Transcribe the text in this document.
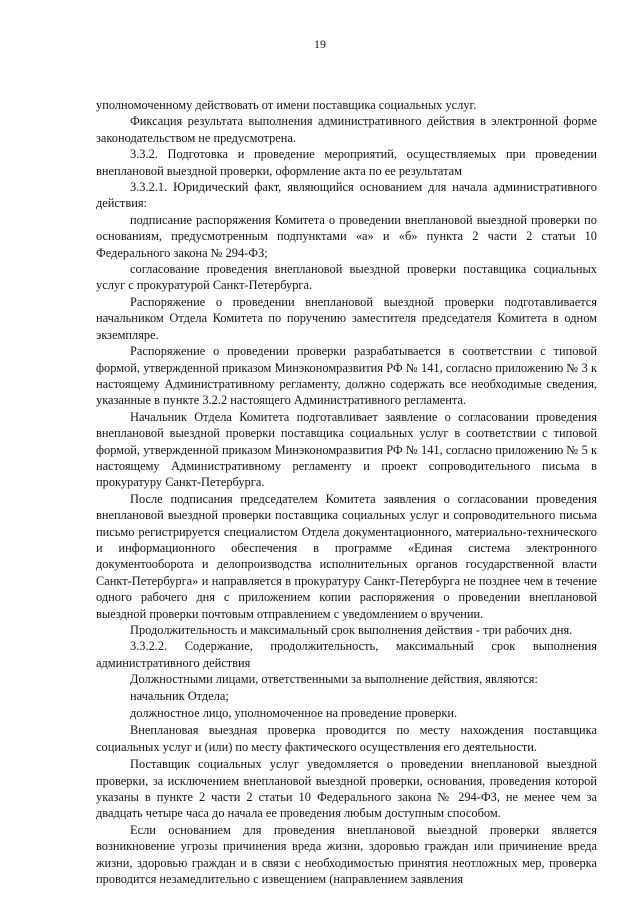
19

уполномоченному действовать от имени поставщика социальных услуг.

Фиксация результата выполнения административного действия в электронной форме законодательством не предусмотрена.

3.3.2. Подготовка и проведение мероприятий, осуществляемых при проведении внеплановой выездной проверки, оформление акта по ее результатам

3.3.2.1. Юридический факт, являющийся основанием для начала административного действия:

подписание распоряжения Комитета о проведении внеплановой выездной проверки по основаниям, предусмотренным подпунктами «а» и «б» пункта 2 части 2 статьи 10 Федерального закона № 294-ФЗ;

согласование проведения внеплановой выездной проверки поставщика социальных услуг с прокуратурой Санкт-Петербурга.

Распоряжение о проведении внеплановой выездной проверки подготавливается начальником Отдела Комитета по поручению заместителя председателя Комитета в одном экземпляре.

Распоряжение о проведении проверки разрабатывается в соответствии с типовой формой, утвержденной приказом Минэкономразвития РФ № 141, согласно приложению № 3 к настоящему Административному регламенту, должно содержать все необходимые сведения, указанные в пункте 3.2.2 настоящего Административного регламента.

Начальник Отдела Комитета подготавливает заявление о согласовании проведения внеплановой выездной проверки поставщика социальных услуг в соответствии с типовой формой, утвержденной приказом Минэкономразвития РФ № 141, согласно приложению № 5 к настоящему Административному регламенту и проект сопроводительного письма в прокуратуру Санкт-Петербурга.

После подписания председателем Комитета заявления о согласовании проведения внеплановой выездной проверки поставщика социальных услуг и сопроводительного письма письмо регистрируется специалистом Отдела документационного, материально-технического и информационного обеспечения в программе «Единая система электронного документооборота и делопроизводства исполнительных органов государственной власти Санкт-Петербурга» и направляется в прокуратуру Санкт-Петербурга не позднее чем в течение одного рабочего дня с приложением копии распоряжения о проведении внеплановой выездной проверки почтовым отправлением с уведомлением о вручении.

Продолжительность и максимальный срок выполнения действия - три рабочих дня.

3.3.2.2. Содержание, продолжительность, максимальный срок выполнения административного действия

Должностными лицами, ответственными за выполнение действия, являются:

начальник Отдела;

должностное лицо, уполномоченное на проведение проверки.

Внеплановая выездная проверка проводится по месту нахождения поставщика социальных услуг и (или) по месту фактического осуществления его деятельности.

Поставщик социальных услуг уведомляется о проведении внеплановой выездной проверки, за исключением внеплановой выездной проверки, основания, проведения которой указаны в пункте 2 части 2 статьи 10 Федерального закона № 294-ФЗ, не менее чем за двадцать четыре часа до начала ее проведения любым доступным способом.

Если основанием для проведения внеплановой выездной проверки является возникновение угрозы причинения вреда жизни, здоровью граждан или причинение вреда жизни, здоровью граждан и в связи с необходимостью принятия неотложных мер, проверка проводится незамедлительно с извещением (направлением заявления
